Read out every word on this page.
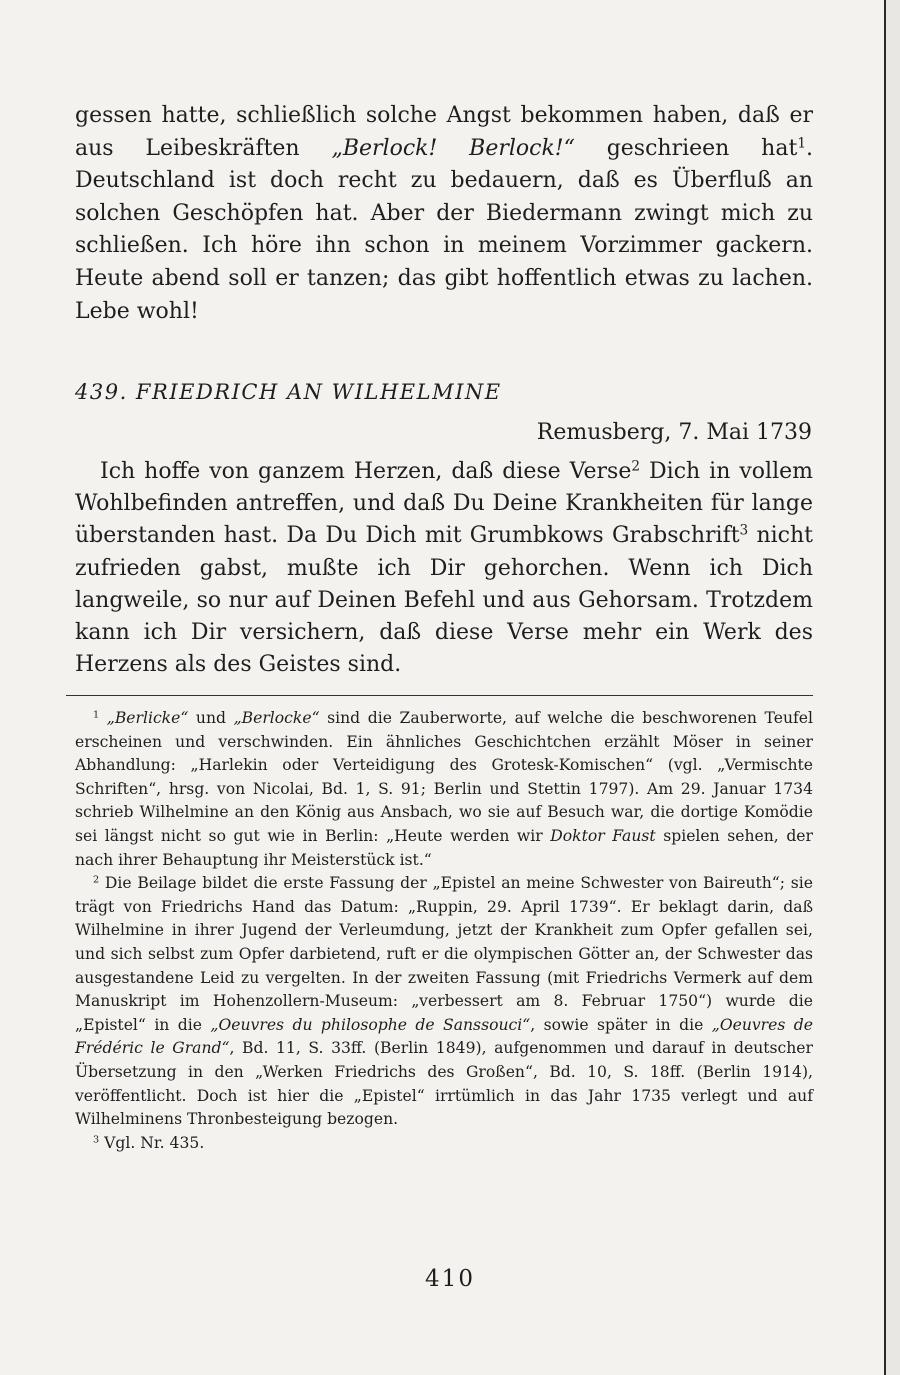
gessen hatte, schließlich solche Angst bekommen haben, daß er aus Leibeskräften „Berlock! Berlock!“ geschrieen hat$^1$. Deutschland ist doch recht zu bedauern, daß es Überfluß an solchen Geschöpfen hat. Aber der Biedermann zwingt mich zu schließen. Ich höre ihn schon in meinem Vorzimmer gackern. Heute abend soll er tanzen; das gibt hoffentlich etwas zu lachen. Lebe wohl!

439. FRIEDRICH AN WILHELMINE

Remusberg, 7. Mai 1739

Ich hoffe von ganzem Herzen, daß diese Verse$^2$ Dich in vollem Wohlbefinden antreffen, und daß Du Deine Krankheiten für lange überstanden hast. Da Du Dich mit Grumbkows Grabschrift$^3$ nicht zufrieden gabst, mußte ich Dir gehorchen. Wenn ich Dich langweile, so nur auf Deinen Befehl und aus Gehorsam. Trotzdem kann ich Dir versichern, daß diese Verse mehr ein Werk des Herzens als des Geistes sind.

$^1$ „Berlicke“ und „Berlocke“ sind die Zauberworte, auf welche die beschworenen Teufel erscheinen und verschwinden. Ein ähnliches Geschichtchen erzählt Möser in seiner Abhandlung: „Harlekin oder Verteidigung des Grotesk-Komischen“ (vgl. „Vermischte Schriften“, hrsg. von Nicolai, Bd. 1, S. 91; Berlin und Stettin 1797). Am 29. Januar 1734 schrieb Wilhelmine an den König aus Ansbach, wo sie auf Besuch war, die dortige Komödie sei längst nicht so gut wie in Berlin: „Heute werden wir Doktor Faust spielen sehen, der nach ihrer Behauptung ihr Meisterstück ist.“

$^2$ Die Beilage bildet die erste Fassung der „Epistel an meine Schwester von Baireuth“; sie trägt von Friedrichs Hand das Datum: „Ruppin, 29. April 1739“. Er beklagt darin, daß Wilhelmine in ihrer Jugend der Verleumdung, jetzt der Krankheit zum Opfer gefallen sei, und sich selbst zum Opfer darbietend, ruft er die olympischen Götter an, der Schwester das ausgestandene Leid zu vergelten. In der zweiten Fassung (mit Friedrichs Vermerk auf dem Manuskript im Hohenzollern-Museum: „verbessert am 8. Februar 1750“) wurde die „Epistel“ in die „Oeuvres du philosophe de Sanssouci“, sowie später in die „Oeuvres de Frédéric le Grand“, Bd. 11, S. 33ff. (Berlin 1849), aufgenommen und darauf in deutscher Übersetzung in den „Werken Friedrichs des Großen“, Bd. 10, S. 18ff. (Berlin 1914), veröffentlicht. Doch ist hier die „Epistel“ irrtümlich in das Jahr 1735 verlegt und auf Wilhelminens Thronbesteigung bezogen.

$^3$ Vgl. Nr. 435.

410
